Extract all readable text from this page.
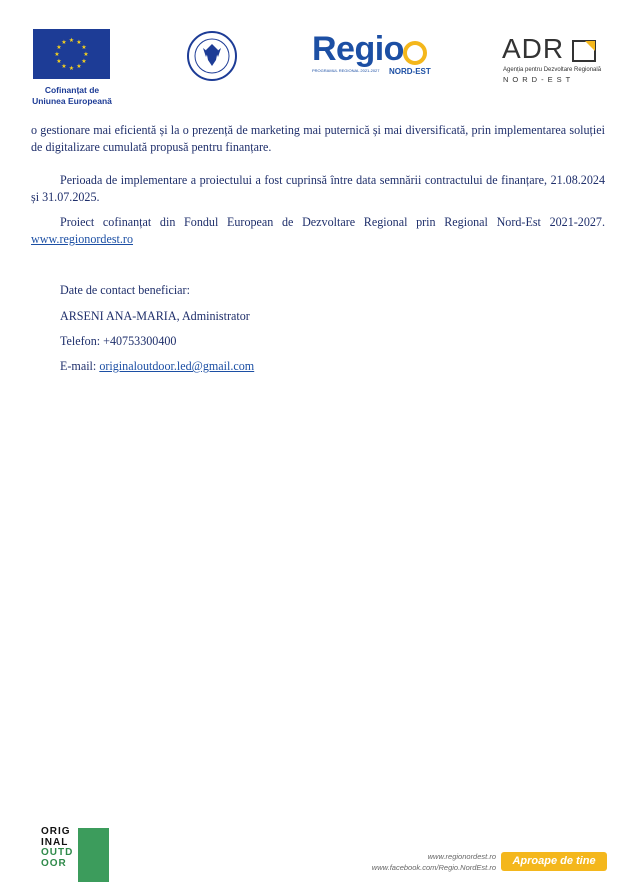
★ ★
★
★
★
★
★
★
★
★
★
★
Cofinanțat de
Uniunea Europeană
Regio
PROGRAMUL REGIONAL 2021-2027 NORD-EST
ADR
Agenția pentru Dezvoltare Regională
NORD-EST
o gestionare mai eficientă și la o prezență de marketing mai puternică și mai diversificată, prin implementarea soluției de digitalizare cumulată propusă pentru finanțare.
Perioada de implementare a proiectului a fost cuprinsă între data semnării contractului de finanțare, 21.08.2024 și 31.07.2025.
Proiect cofinanțat din Fondul European de Dezvoltare Regional prin Regional Nord-Est 2021-2027. www.regionordest.ro
Date de contact beneficiar:
ARSENI ANA-MARIA, Administrator
Telefon: +40753300400
E-mail: originaloutdoor.led@gmail.com
ORIG
INAL
OUTD
OOR
www.regionordest.ro
www.facebook.com/Regio.NordEst.ro
Aproape de tine
